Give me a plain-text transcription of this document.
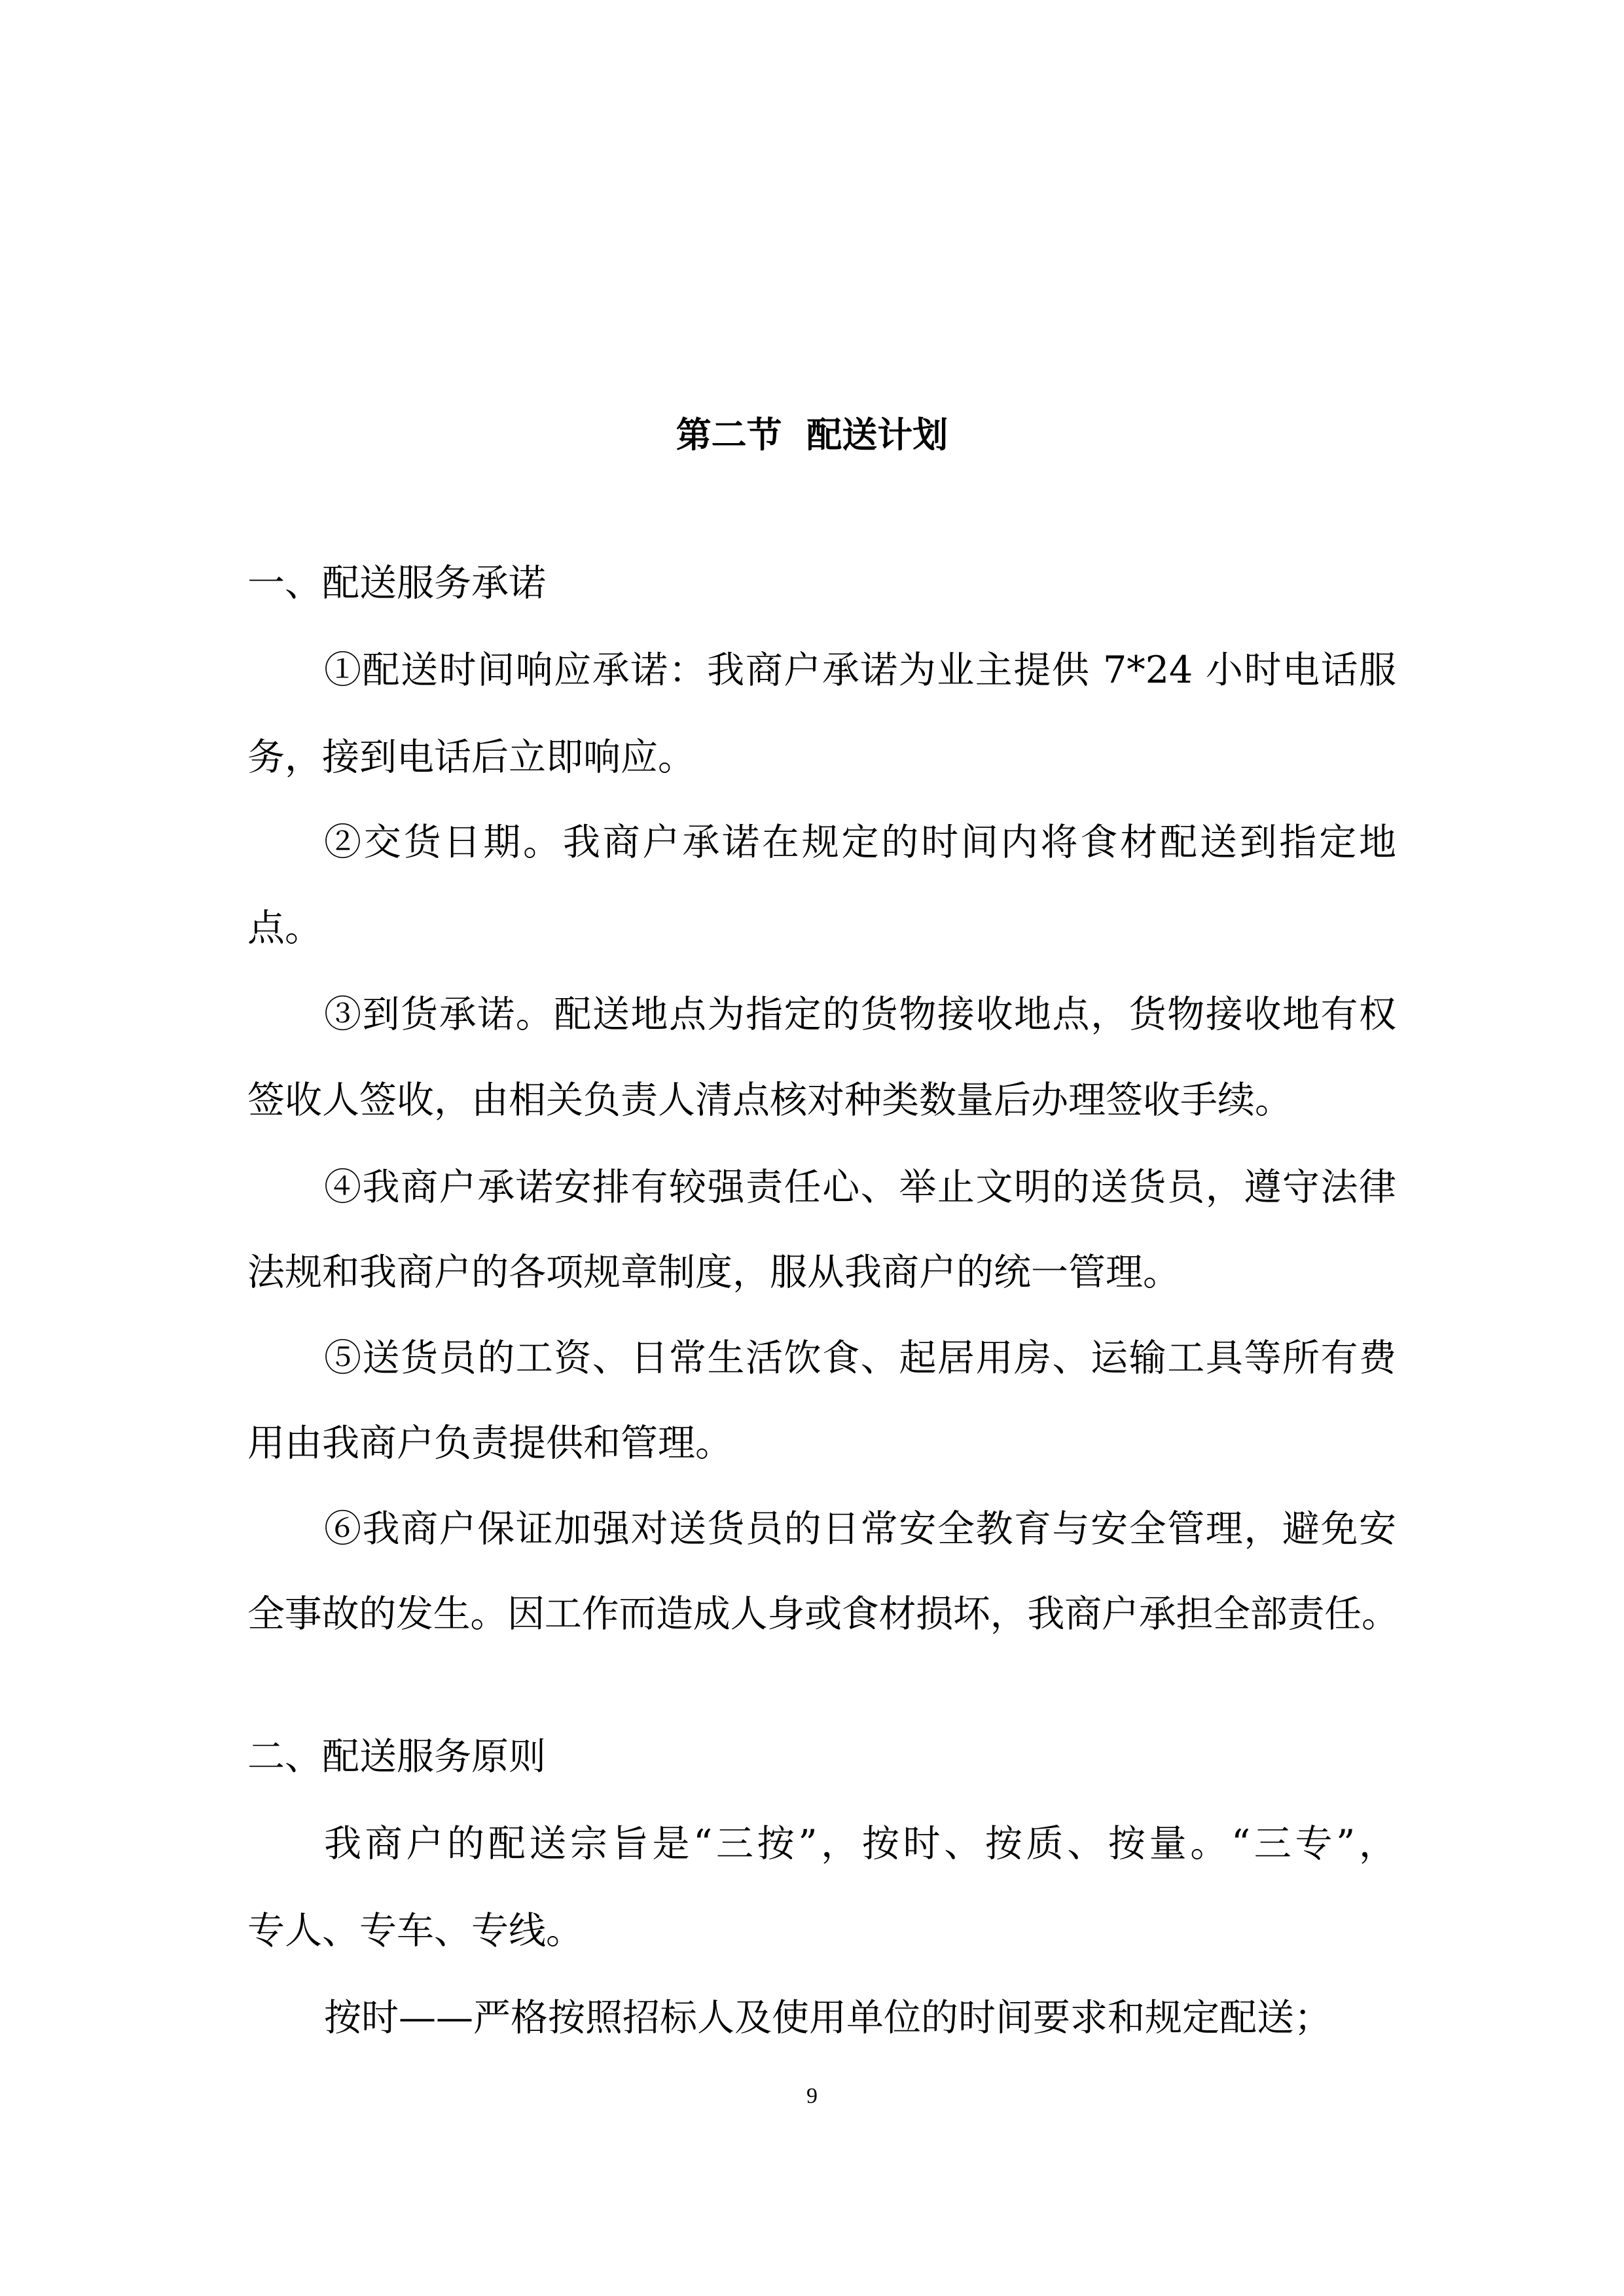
第二节  配送计划
一、配送服务承诺
①配送时间响应承诺：我商户承诺为业主提供 7*24 小时电话服
务，接到电话后立即响应。
②交货日期。我商户承诺在规定的时间内将食材配送到指定地
点。
③到货承诺。配送地点为指定的货物接收地点，货物接收地有权
签收人签收，由相关负责人清点核对种类数量后办理签收手续。
④我商户承诺安排有较强责任心、举止文明的送货员，遵守法律
法规和我商户的各项规章制度，服从我商户的统一管理。
⑤送货员的工资、日常生活饮食、起居用房、运输工具等所有费
用由我商户负责提供和管理。
⑥我商户保证加强对送货员的日常安全教育与安全管理，避免安
全事故的发生。因工作而造成人身或食材损坏，我商户承担全部责任。
二、配送服务原则
我商户的配送宗旨是“三按”，按时、按质、按量。“三专”，
专人、专车、专线。
按时——严格按照招标人及使用单位的时间要求和规定配送；
9
